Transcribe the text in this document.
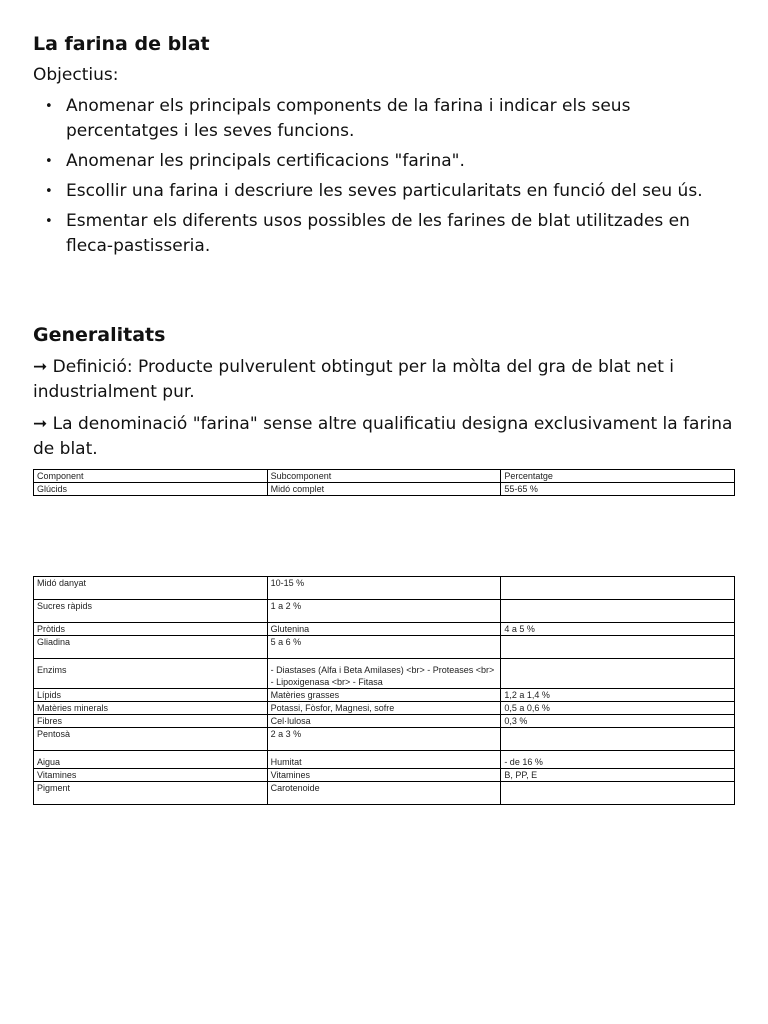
La farina de blat
Objectius:
• Anomenar els principals components de la farina i indicar els seus percentatges i les seves funcions.
• Anomenar les principals certificacions "farina".
• Escollir una farina i descriure les seves particularitats en funció del seu ús.
• Esmentar els diferents usos possibles de les farines de blat utilitzades en fleca-pastisseria.
Generalitats
➞ Definició: Producte pulverulent obtingut per la mòlta del gra de blat net i industrialment pur.
➞ La denominació "farina" sense altre qualificatiu designa exclusivament la farina de blat.
Component	Subcomponent	Percentatge
Glúcids	Midó complet	55-65 %
Midó danyat	10-15 %	
Sucres ràpids	1 a 2 %	
Pròtids	Glutenina	4 a 5 %
Gliadina	5 a 6 %	
Enzims	- Diastases (Alfa i Beta Amilases) <br> - Proteases <br> - Lipoxigenasa <br> - Fitasa	
Lípids	Matèries grasses	1,2 a 1,4 %
Matèries minerals	Potassi, Fòsfor, Magnesi, sofre	0,5 a 0,6 %
Fibres	Cel·lulosa	0,3 %
Pentosà	2 a 3 %	
Aigua	Humitat	- de 16 %
Vitamines	Vitamines	B, PP, E
Pigment	Carotenoide	
